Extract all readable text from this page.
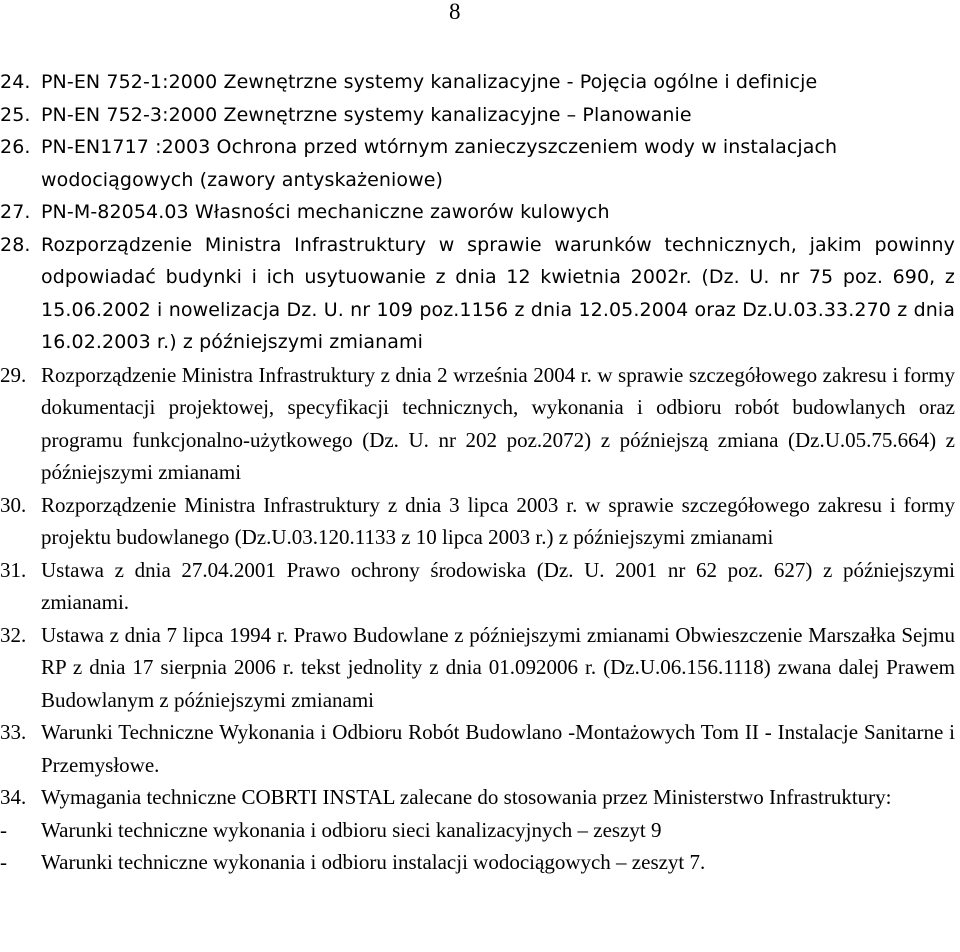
8
24. PN-EN 752-1:2000 Zewnętrzne systemy kanalizacyjne - Pojęcia ogólne i definicje
25. PN-EN 752-3:2000 Zewnętrzne systemy kanalizacyjne – Planowanie
26. PN-EN1717 :2003 Ochrona przed wtórnym zanieczyszczeniem wody w instalacjach wodociągowych (zawory antyskażeniowe)
27. PN-M-82054.03 Własności mechaniczne zaworów kulowych
28. Rozporządzenie Ministra Infrastruktury w sprawie warunków technicznych, jakim powinny odpowiadać budynki i ich usytuowanie z dnia 12 kwietnia 2002r. (Dz. U. nr 75 poz. 690, z 15.06.2002 i nowelizacja Dz. U. nr 109 poz.1156 z dnia 12.05.2004 oraz Dz.U.03.33.270 z dnia 16.02.2003 r.) z późniejszymi zmianami
29. Rozporządzenie Ministra Infrastruktury z dnia 2 września 2004 r. w sprawie szczegółowego zakresu i formy dokumentacji projektowej, specyfikacji technicznych, wykonania i odbioru robót budowlanych oraz programu funkcjonalno-użytkowego (Dz. U. nr 202 poz.2072) z późniejszą zmiana (Dz.U.05.75.664) z późniejszymi zmianami
30. Rozporządzenie Ministra Infrastruktury z dnia 3 lipca 2003 r. w sprawie szczegółowego zakresu i formy projektu budowlanego (Dz.U.03.120.1133 z 10 lipca 2003 r.) z późniejszymi zmianami
31. Ustawa z dnia 27.04.2001 Prawo ochrony środowiska (Dz. U. 2001 nr 62 poz. 627) z późniejszymi zmianami.
32. Ustawa z dnia 7 lipca 1994 r. Prawo Budowlane z późniejszymi zmianami Obwieszczenie Marszałka Sejmu RP z dnia 17 sierpnia 2006 r. tekst jednolity z dnia 01.092006 r. (Dz.U.06.156.1118) zwana dalej Prawem Budowlanym z późniejszymi zmianami
33. Warunki Techniczne Wykonania i Odbioru Robót Budowlano -Montażowych Tom II - Instalacje Sanitarne i Przemysłowe.
34. Wymagania techniczne COBRTI INSTAL zalecane do stosowania przez Ministerstwo Infrastruktury:
-	Warunki techniczne wykonania i odbioru sieci kanalizacyjnych – zeszyt 9
-	Warunki techniczne wykonania i odbioru instalacji wodociągowych – zeszyt 7.
